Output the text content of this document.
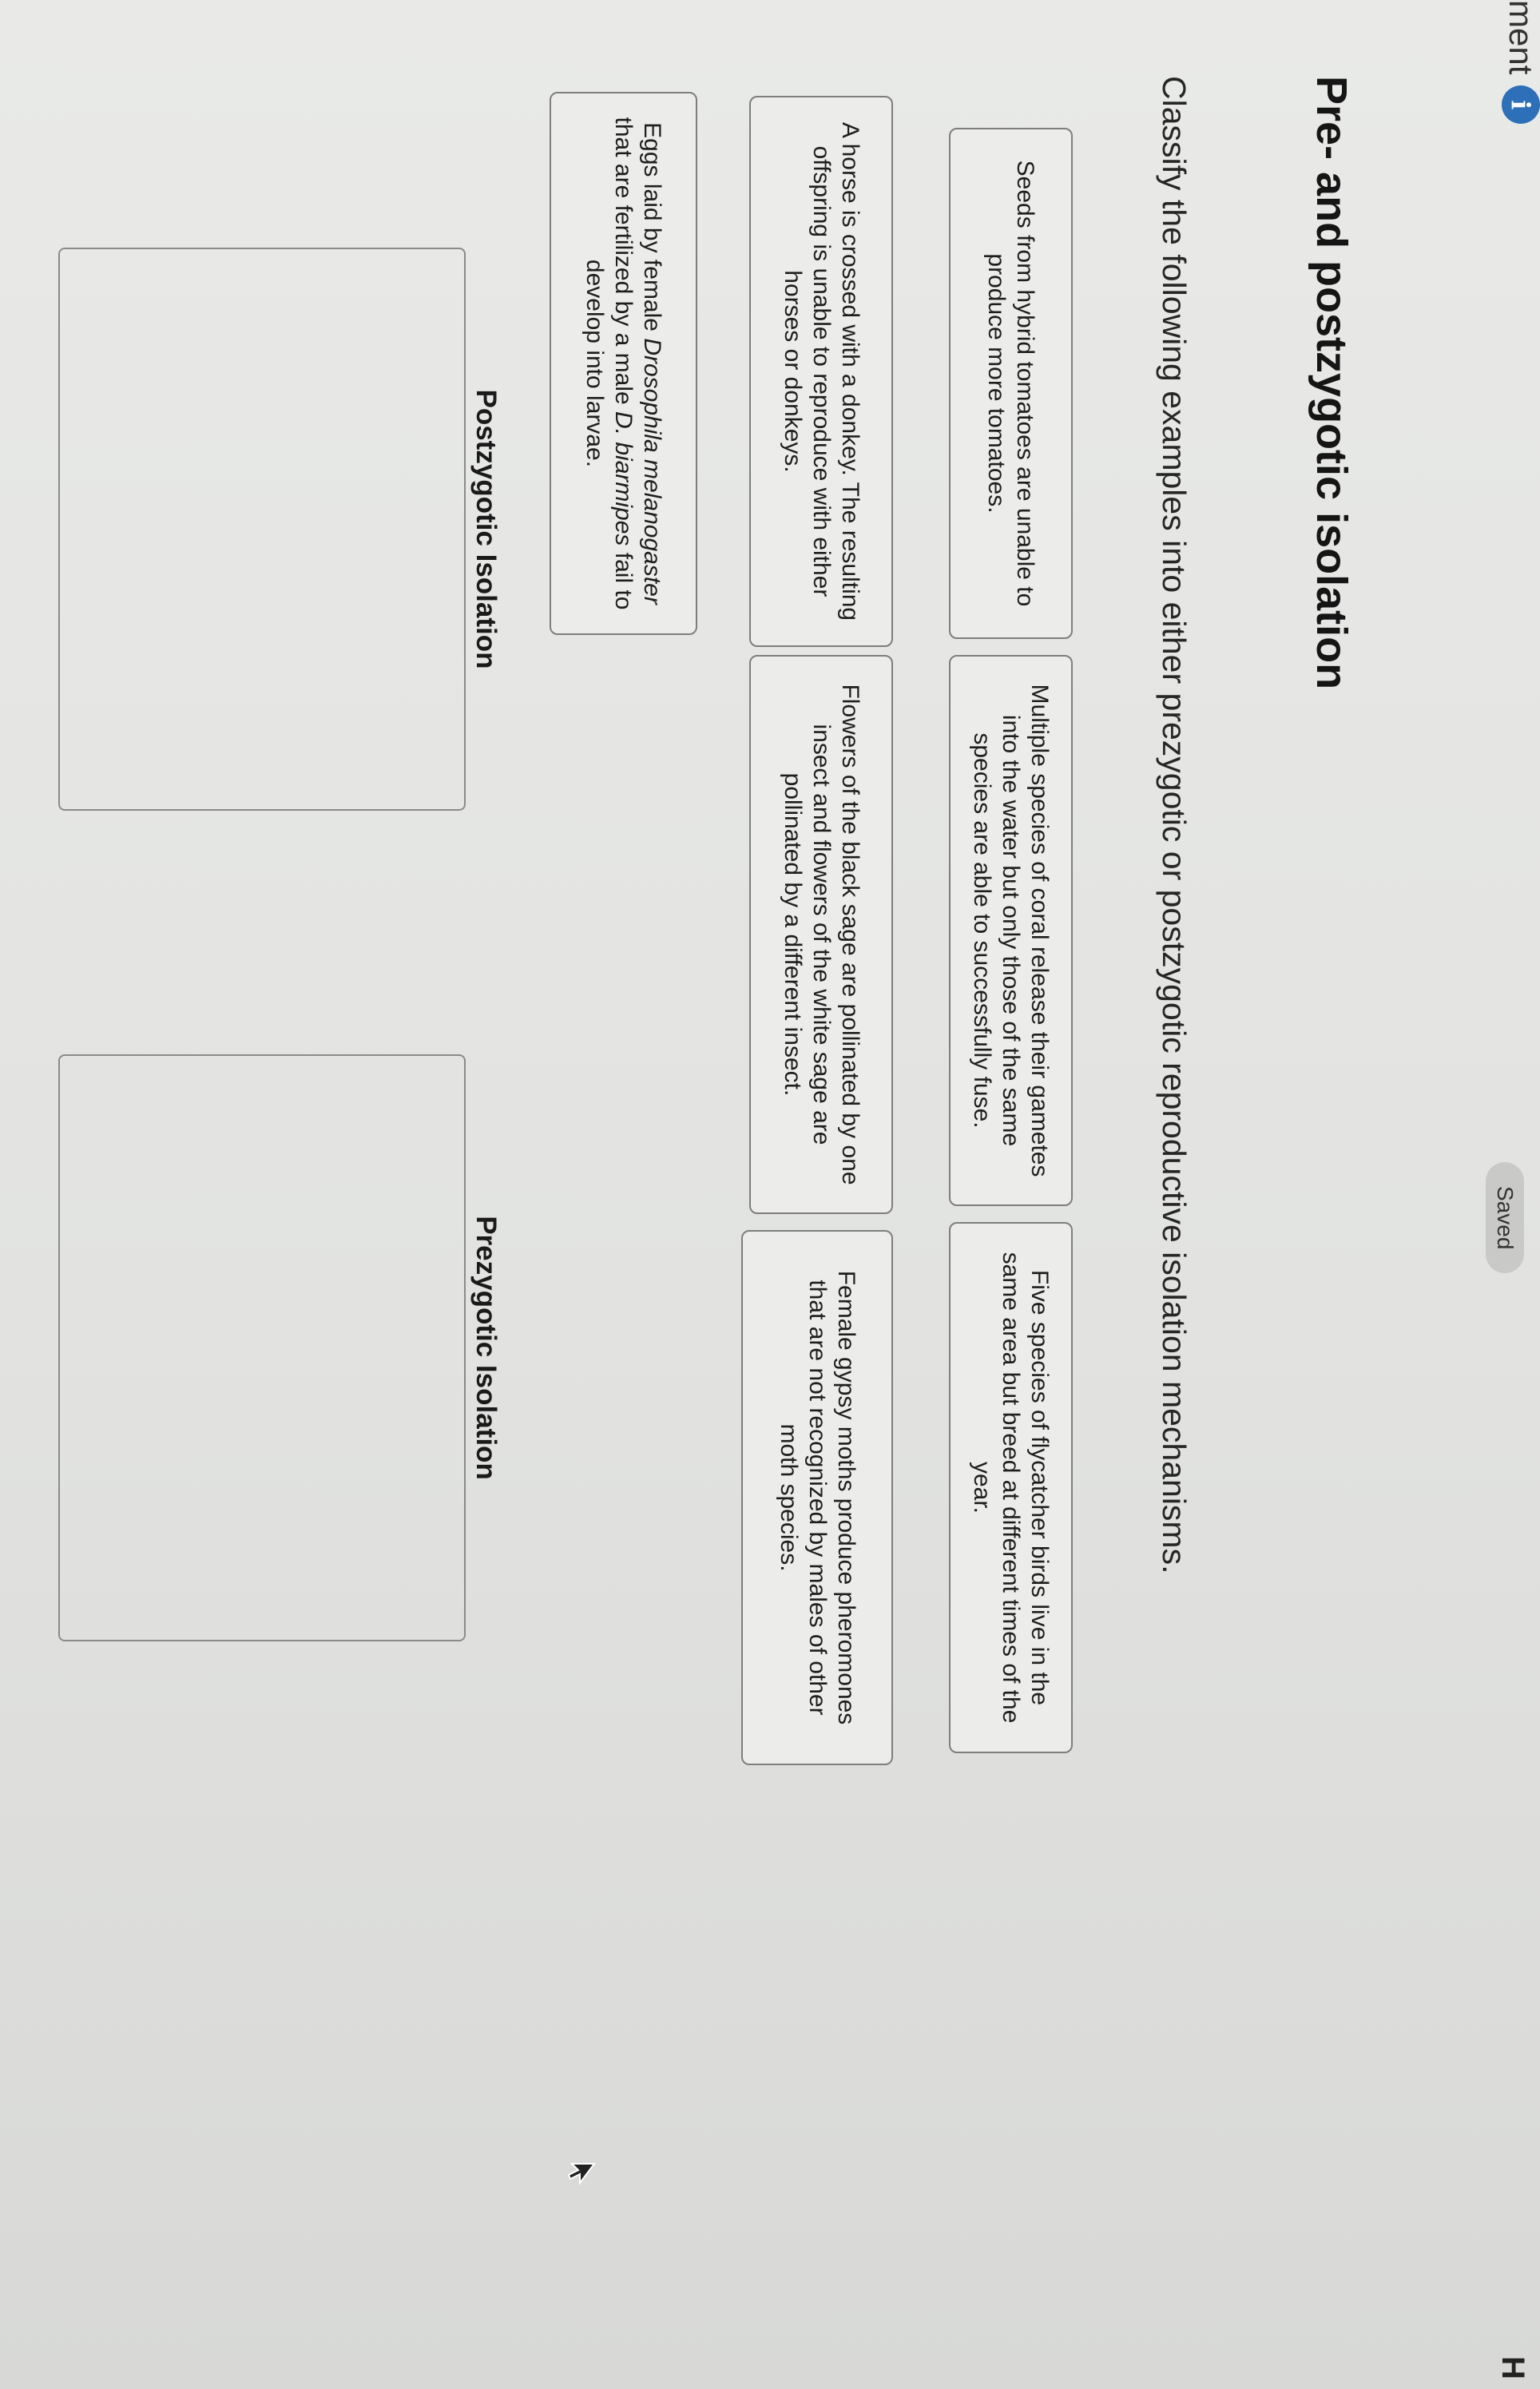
ment
i
Saved
H
Pre- and postzygotic isolation

Classify the following examples into either prezygotic or postzygotic reproductive isolation mechanisms.

Seeds from hybrid tomatoes are unable to produce more tomatoes.
Multiple species of coral release their gametes into the water but only those of the same species are able to successfully fuse.
Five species of flycatcher birds live in the same area but breed at different times of the year.
A horse is crossed with a donkey. The resulting offspring is unable to reproduce with either horses or donkeys.
Flowers of the black sage are pollinated by one insect and flowers of the white sage are pollinated by a different insect.
Female gypsy moths produce pheromones that are not recognized by males of other moth species.
Eggs laid by female Drosophila melanogaster that are fertilized by a male D. biarmipes fail to develop into larvae.
Postzygotic Isolation
Prezygotic Isolation
